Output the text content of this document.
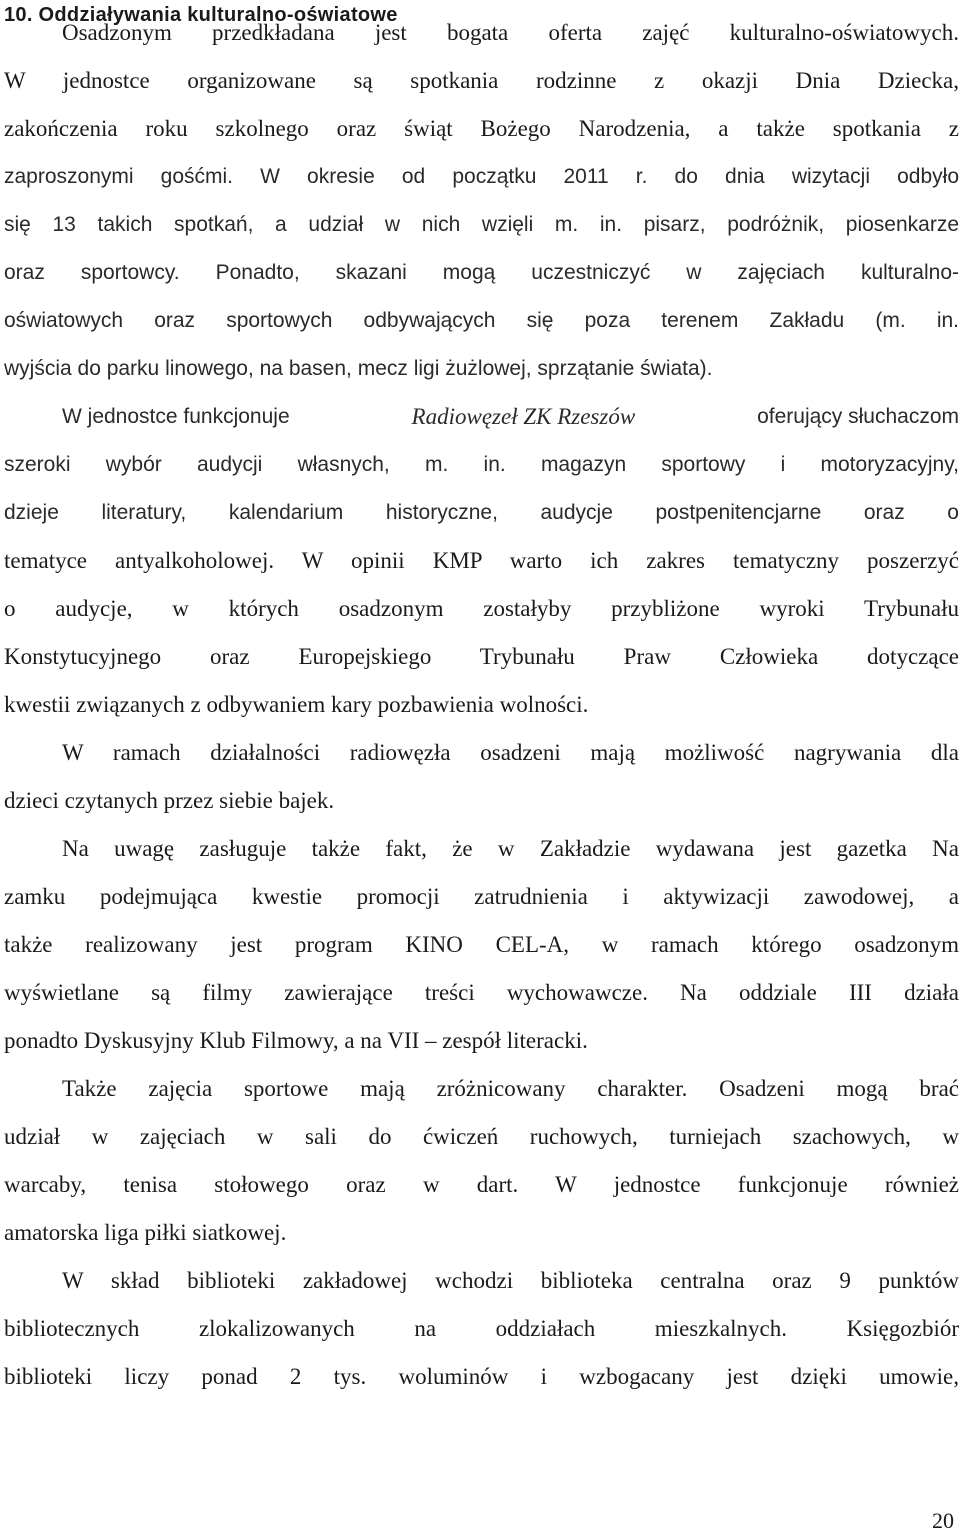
10. Oddziaływania kulturalno-oświatowe

Osadzonym przedkładana jest bogata oferta zajęć kulturalno-oświatowych.

W jednostce organizowane są spotkania rodzinne z okazji Dnia Dziecka,

zakończenia roku szkolnego oraz świąt Bożego Narodzenia, a także spotkania z

zaproszonymi gośćmi. W okresie od początku 2011 r. do dnia wizytacji odbyło

się 13 takich spotkań, a udział w nich wzięli m. in. pisarz, podróżnik, piosenkarze

oraz sportowcy. Ponadto, skazani mogą uczestniczyć w zajęciach kulturalno-

oświatowych oraz sportowych odbywających się poza terenem Zakładu (m. in.

wyjścia do parku linowego, na basen, mecz ligi żużlowej, sprzątanie świata).

W jednostce funkcjonuje	Radiowęzeł ZK Rzeszów	oferujący słuchaczom

szeroki wybór audycji własnych, m. in. magazyn sportowy i motoryzacyjny,

dzieje literatury, kalendarium historyczne, audycje postpenitencjarne oraz o

tematyce antyalkoholowej. W opinii KMP warto ich zakres tematyczny poszerzyć

o audycje, w których osadzonym zostałyby przybliżone wyroki Trybunału

Konstytucyjnego oraz Europejskiego Trybunału Praw Człowieka dotyczące

kwestii związanych z odbywaniem kary pozbawienia wolności.

W ramach działalności radiowęzła osadzeni mają możliwość nagrywania dla

dzieci czytanych przez siebie bajek.

Na uwagę zasługuje także fakt, że w Zakładzie wydawana jest gazetka Na

zamku podejmująca kwestie promocji zatrudnienia i aktywizacji zawodowej, a

także realizowany jest program KINO CEL-A, w ramach którego osadzonym

wyświetlane są filmy zawierające treści wychowawcze. Na oddziale III działa

ponadto Dyskusyjny Klub Filmowy, a na VII – zespół literacki.

Także zajęcia sportowe mają zróżnicowany charakter. Osadzeni mogą brać

udział w zajęciach w sali do ćwiczeń ruchowych, turniejach szachowych, w

warcaby, tenisa stołowego oraz w dart. W jednostce funkcjonuje również

amatorska liga piłki siatkowej.

W skład biblioteki zakładowej wchodzi biblioteka centralna oraz 9 punktów

bibliotecznych zlokalizowanych na oddziałach mieszkalnych. Księgozbiór

biblioteki liczy ponad 2 tys. woluminów i wzbogacany jest dzięki umowie,

20
